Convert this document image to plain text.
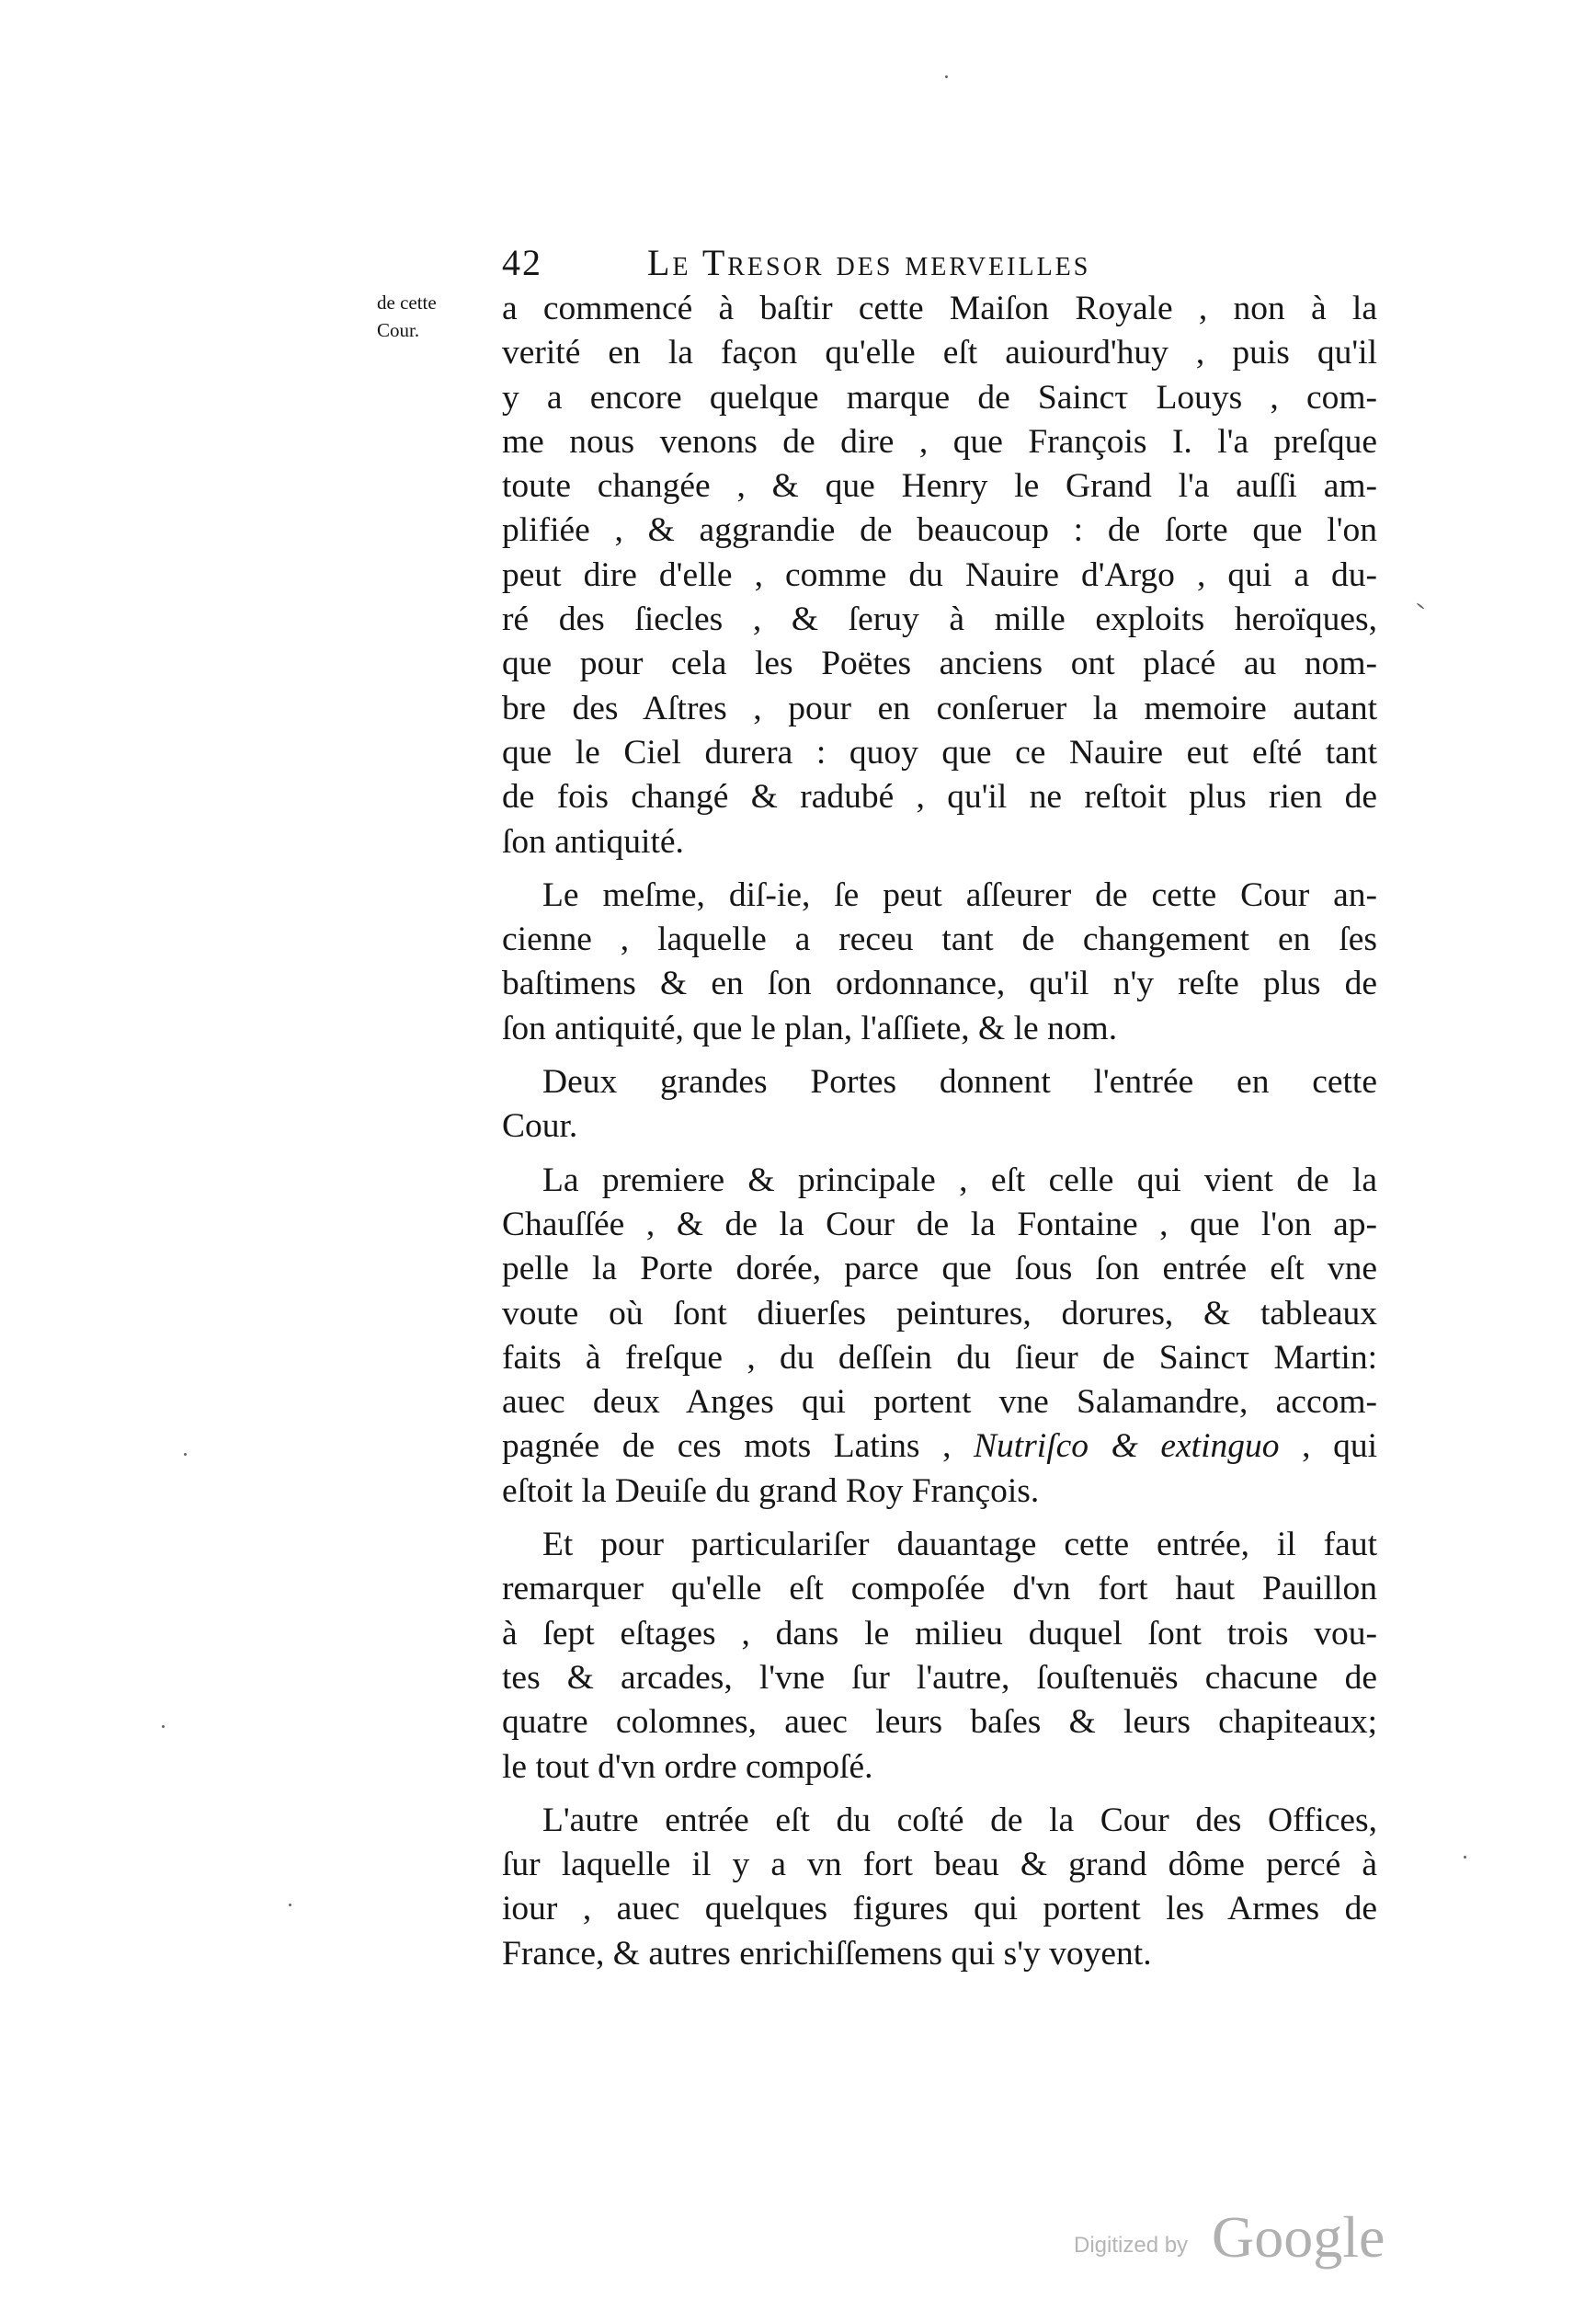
42	Le Tresor des merveilles
de cette
Cour.
a commencé à baſtir cette Maiſon Royale , non à la
verité en la façon qu'elle eſt auiourd'huy , puis qu'il
y a encore quelque marque de Saincτ Louys , com-
me nous venons de dire , que François I. l'a preſque
toute changée , & que Henry le Grand l'a auſſi am-
plifiée , & aggrandie de beaucoup : de ſorte que l'on
peut dire d'elle , comme du Nauire d'Argo , qui a du-
ré des ſiecles , & ſeruy à mille exploits heroïques,
que pour cela les Poëtes anciens ont placé au nom-
bre des Aſtres , pour en conſeruer la memoire autant
que le Ciel durera : quoy que ce Nauire eut eſté tant
de fois changé & radubé , qu'il ne reſtoit plus rien de
ſon antiquité.
Le meſme, diſ-ie, ſe peut aſſeurer de cette Cour an-
cienne , laquelle a receu tant de changement en ſes
baſtimens & en ſon ordonnance, qu'il n'y reſte plus de
ſon antiquité, que le plan, l'aſſiete, & le nom.
Deux grandes Portes donnent l'entrée en cette
Cour.
La premiere & principale , eſt celle qui vient de la
Chauſſée , & de la Cour de la Fontaine , que l'on ap-
pelle la Porte dorée, parce que ſous ſon entrée eſt vne
voute où ſont diuerſes peintures, dorures, & tableaux
faits à freſque , du deſſein du ſieur de Saincτ Martin:
auec deux Anges qui portent vne Salamandre, accom-
pagnée de ces mots Latins , Nutriſco & extinguo , qui
eſtoit la Deuiſe du grand Roy François.
Et pour particulariſer dauantage cette entrée, il faut
remarquer qu'elle eſt compoſée d'vn fort haut Pauillon
à ſept eſtages , dans le milieu duquel ſont trois vou-
tes & arcades, l'vne ſur l'autre, ſouſtenuës chacune de
quatre colomnes, auec leurs baſes & leurs chapiteaux;
le tout d'vn ordre compoſé.
L'autre entrée eſt du coſté de la Cour des Offices,
ſur laquelle il y a vn fort beau & grand dôme percé à
iour , auec quelques figures qui portent les Armes de
France, & autres enrichiſſemens qui s'y voyent.
Digitized by Google
